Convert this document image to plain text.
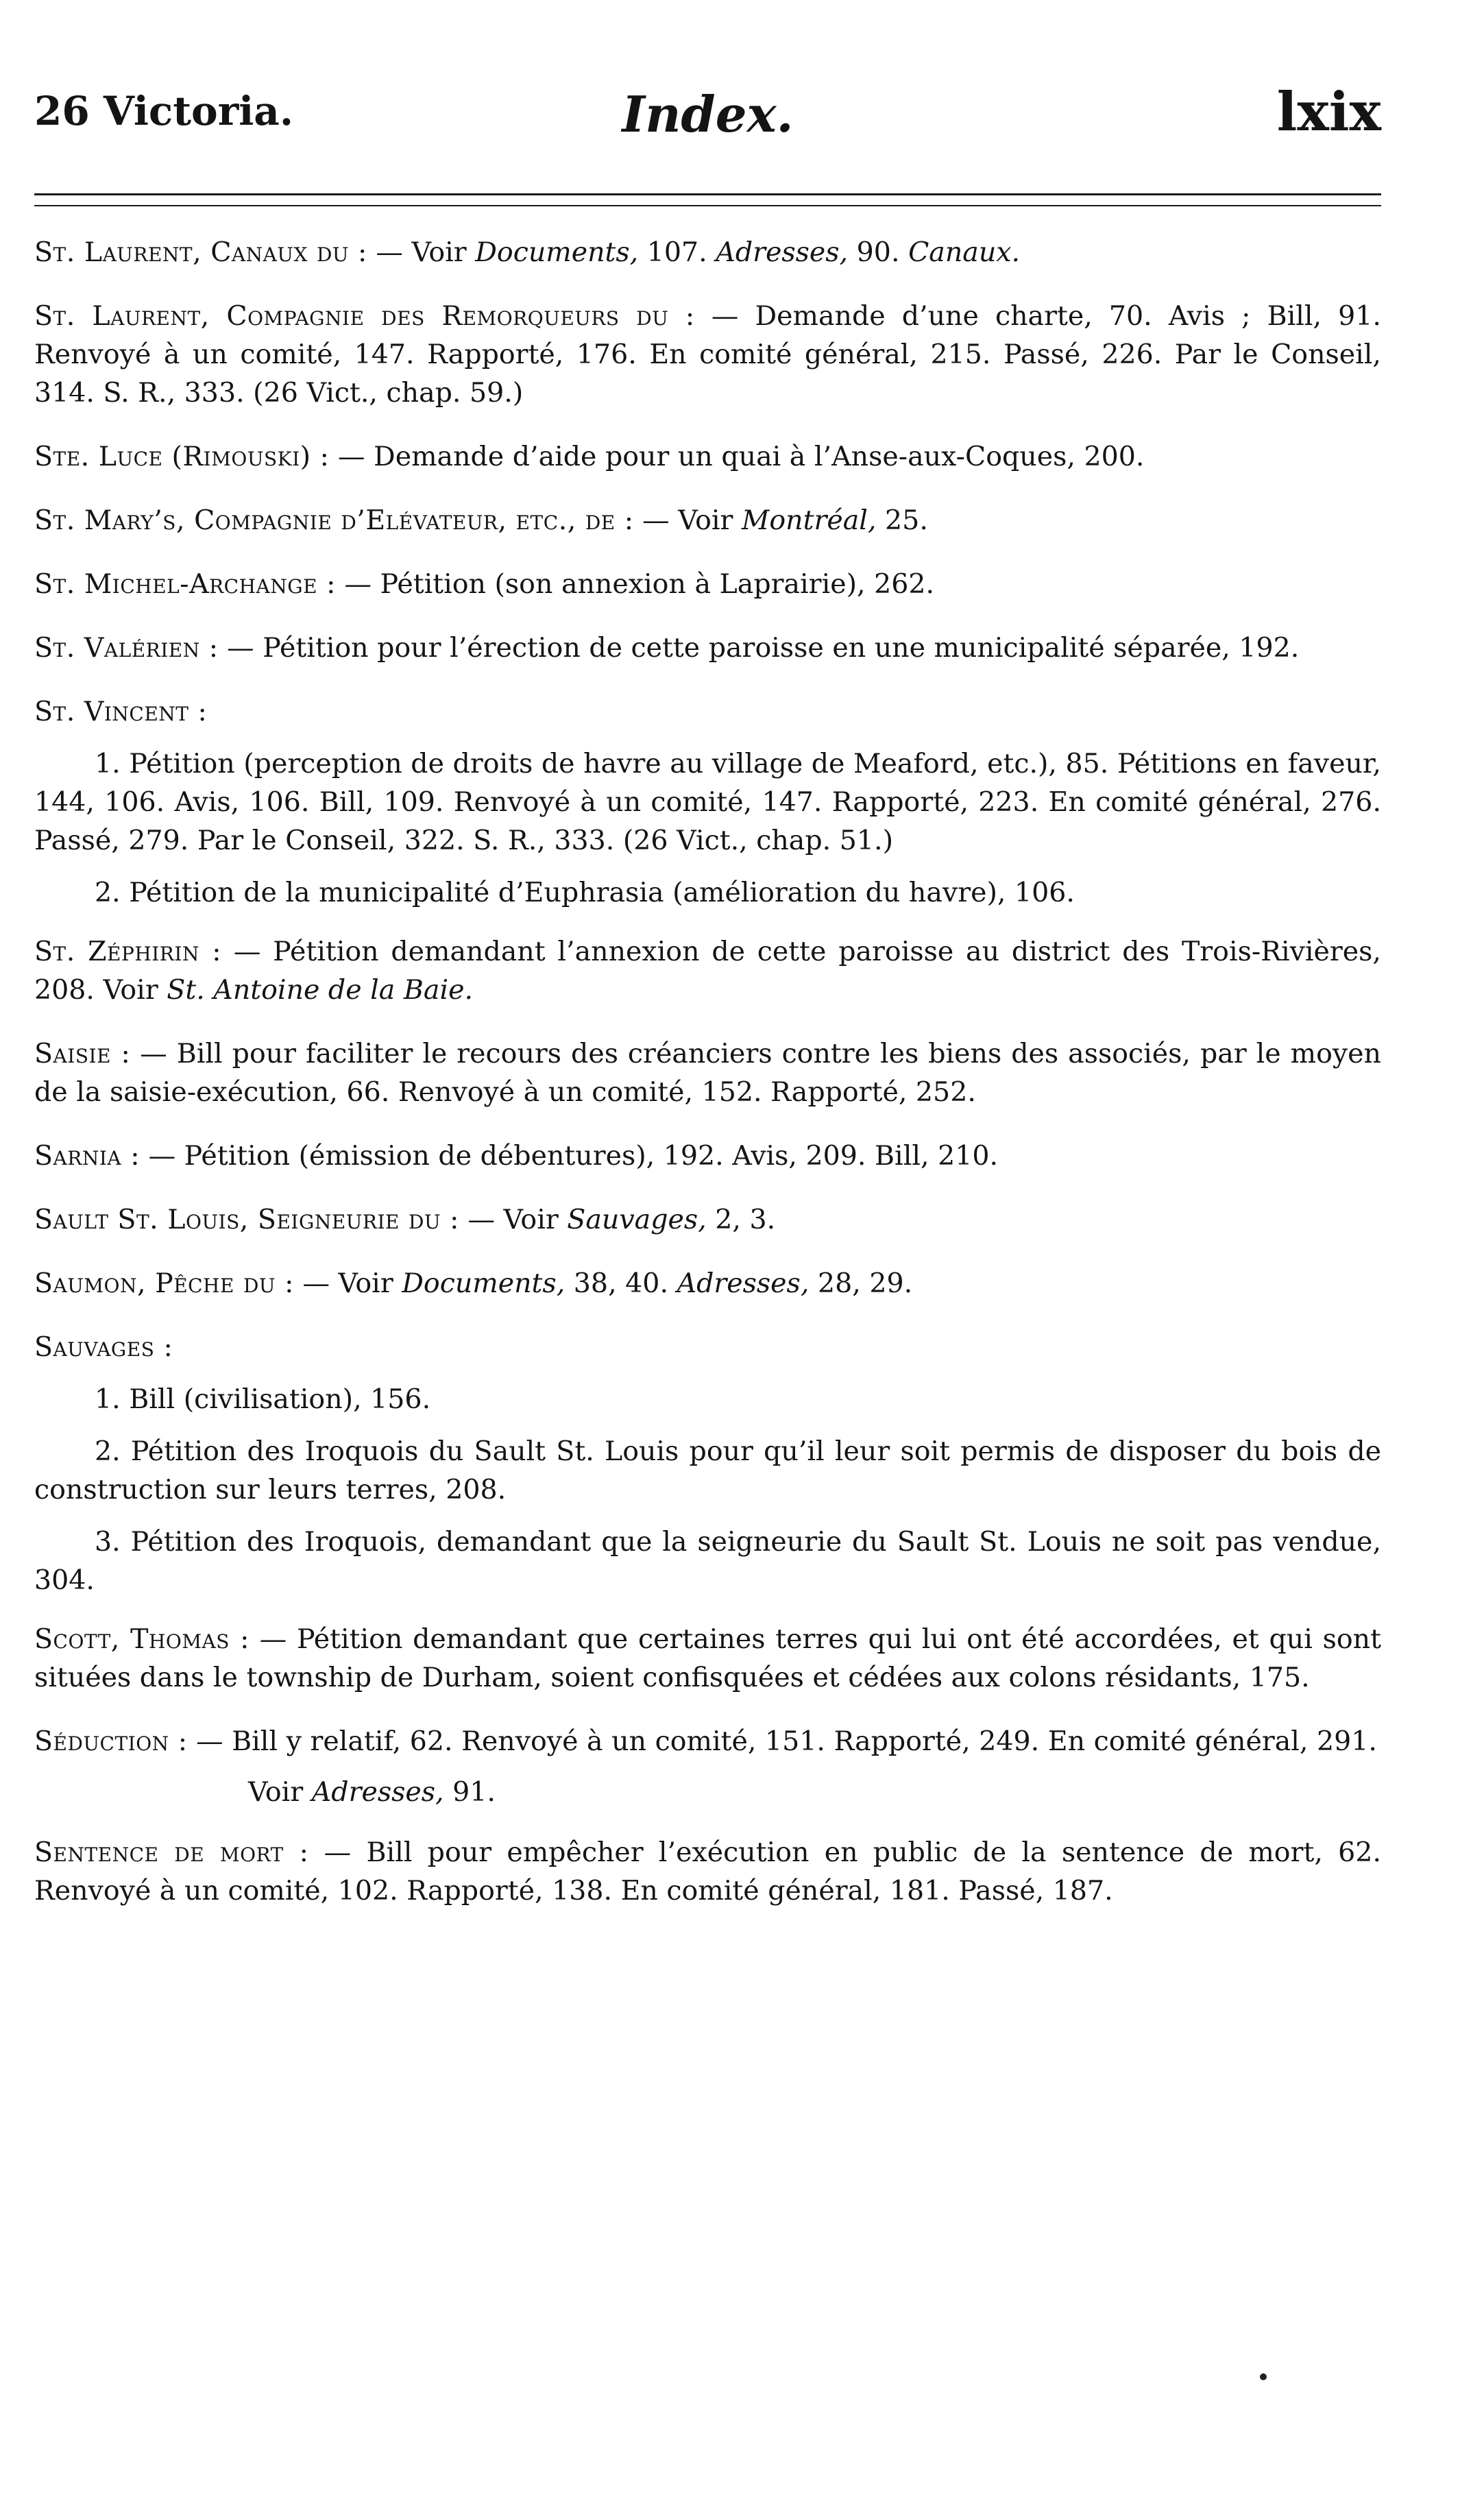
26 Victoria.	Index.	lxix

St. Laurent, Canaux du : — Voir Documents, 107. Adresses, 90. Canaux.

St. Laurent, Compagnie des Remorqueurs du : — Demande d’une charte, 70. Avis ; Bill, 91. Renvoyé à un comité, 147. Rapporté, 176. En comité général, 215. Passé, 226. Par le Conseil, 314. S. R., 333. (26 Vict., chap. 59.)

Ste. Luce (Rimouski) : — Demande d’aide pour un quai à l’Anse-aux-Coques, 200.

St. Mary’s, Compagnie d’Elévateur, etc., de : — Voir Montréal, 25.

St. Michel-Archange : — Pétition (son annexion à Laprairie), 262.

St. Valérien : — Pétition pour l’érection de cette paroisse en une municipalité séparée, 192.

St. Vincent :

1. Pétition (perception de droits de havre au village de Meaford, etc.), 85. Pétitions en faveur, 144, 106. Avis, 106. Bill, 109. Renvoyé à un comité, 147. Rapporté, 223. En comité général, 276. Passé, 279. Par le Conseil, 322. S. R., 333. (26 Vict., chap. 51.)

2. Pétition de la municipalité d’Euphrasia (amélioration du havre), 106.

St. Zéphirin : — Pétition demandant l’annexion de cette paroisse au district des Trois-Rivières, 208. Voir St. Antoine de la Baie.

Saisie : — Bill pour faciliter le recours des créanciers contre les biens des associés, par le moyen de la saisie-exécution, 66. Renvoyé à un comité, 152. Rapporté, 252.

Sarnia : — Pétition (émission de débentures), 192. Avis, 209. Bill, 210.

Sault St. Louis, Seigneurie du : — Voir Sauvages, 2, 3.

Saumon, Pêche du : — Voir Documents, 38, 40. Adresses, 28, 29.

Sauvages :

1. Bill (civilisation), 156.

2. Pétition des Iroquois du Sault St. Louis pour qu’il leur soit permis de disposer du bois de construction sur leurs terres, 208.

3. Pétition des Iroquois, demandant que la seigneurie du Sault St. Louis ne soit pas vendue, 304.

Scott, Thomas : — Pétition demandant que certaines terres qui lui ont été accordées, et qui sont situées dans le township de Durham, soient confisquées et cédées aux colons résidants, 175.

Séduction : — Bill y relatif, 62. Renvoyé à un comité, 151. Rapporté, 249. En comité général, 291.

Voir Adresses, 91.

Sentence de mort : — Bill pour empêcher l’exécution en public de la sentence de mort, 62. Renvoyé à un comité, 102. Rapporté, 138. En comité général, 181. Passé, 187.
